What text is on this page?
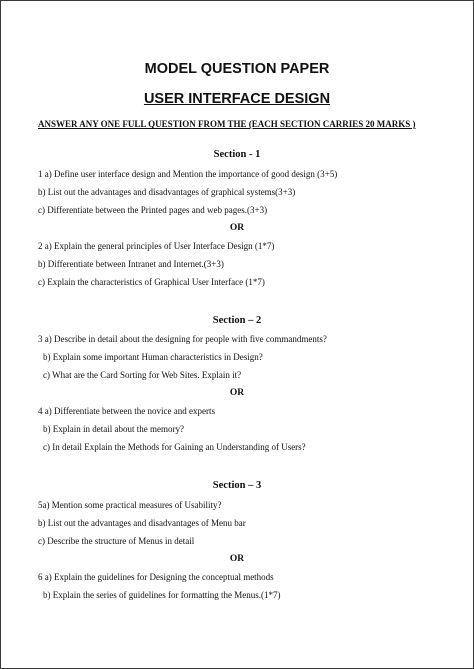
MODEL QUESTION PAPER
USER INTERFACE DESIGN
ANSWER ANY ONE FULL QUESTION FROM THE (EACH SECTION CARRIES 20 MARKS )
Section - 1
1 a) Define user interface design and Mention the importance of good design (3+5)
b) List out the advantages and disadvantages of graphical systems(3+3)
c) Differentiate between the Printed pages and web pages.(3+3)
OR
2 a) Explain the general principles of User Interface Design (1*7)
b) Differentiate between Intranet and Internet.(3+3)
c) Explain the characteristics of Graphical User Interface (1*7)
Section – 2
3 a) Describe in detail about the designing for people with five commandments?
b) Explain some important Human characteristics in Design?
c) What are the Card Sorting for Web Sites. Explain it?
OR
4 a) Differentiate between the novice and experts
b) Explain in detail about the memory?
c) In detail Explain the Methods for Gaining an Understanding of Users?
Section – 3
5a) Mention some practical measures of Usability?
b) List out the advantages and disadvantages of Menu bar
c) Describe the structure of Menus in detail
OR
6 a) Explain the guidelines for Designing the conceptual methods
b) Explain the series of guidelines for formatting the Menus.(1*7)
